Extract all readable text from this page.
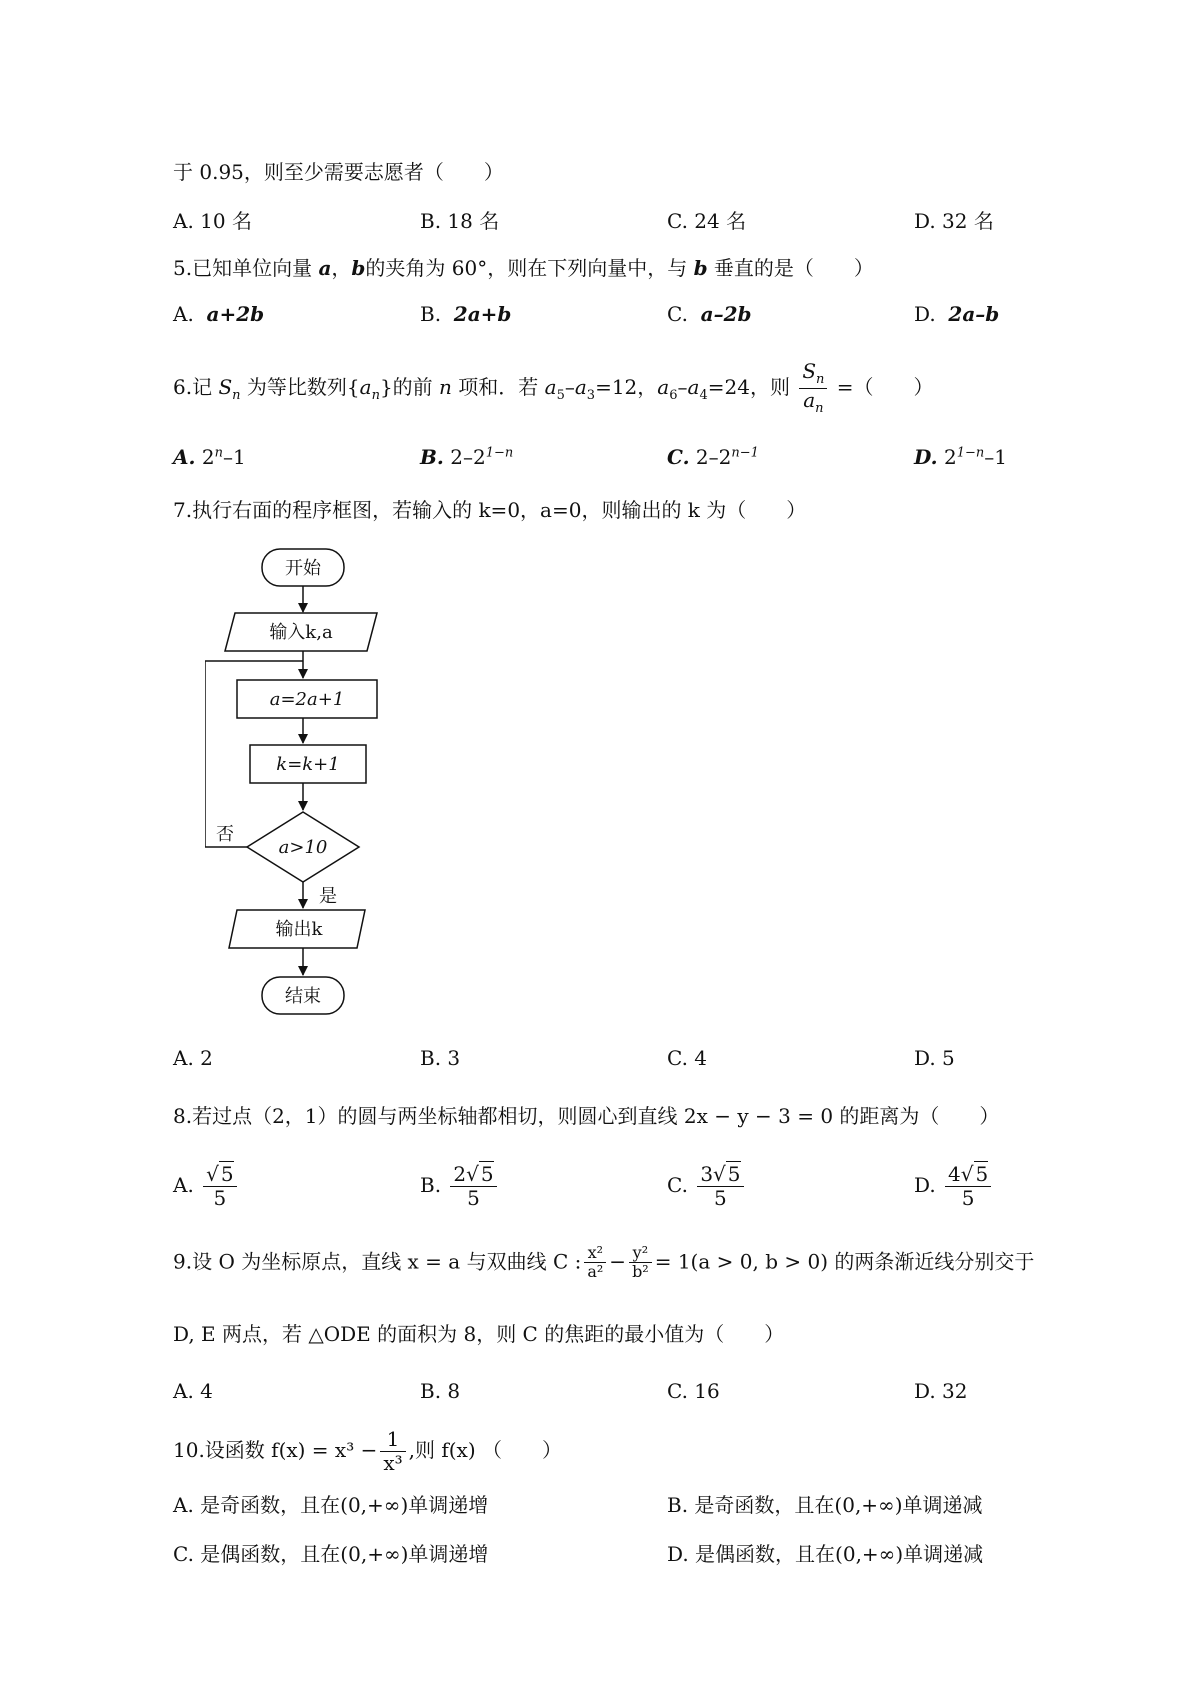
于 0.95，则至少需要志愿者（　　）
A. 10 名	B. 18 名	C. 24 名	D. 32 名
5.已知单位向量 a，b的夹角为 60°，则在下列向量中，与 b 垂直的是（　　）
A. a+2b	B. 2a+b	C. a–2b	D. 2a–b
6.记 $S_n$ 为等比数列$\{a_n\}$的前 n 项和．若 $a_5-a_3=12$，$a_6-a_4=24$，则 $\frac{S_n}{a_n}$ =（　　）
A. 2$^n$–1	B. $2-2^{1-n}$	C. $2-2^{n-1}$	D. $2^{1-n}-1$
7.执行右面的程序框图，若输入的 k=0，a=0，则输出的 k 为（　　）
开始
输入k,a
a=2a+1
k=k+1
a>10
否
是
输出k
结束
A. 2	B. 3	C. 4	D. 5
8.若过点（2，1）的圆与两坐标轴都相切，则圆心到直线 2x − y − 3 = 0 的距离为（　　）
A. $\frac{√ 5}{5}$	B. $\frac{2√ 5}{5}$	C. $\frac{3√ 5}{5}$	D. $\frac{4√ 5}{5}$
9.设 O 为坐标原点，直线 x = a 与双曲线 C : $\frac{\text{x²}}{\text{a²}} - \frac{\text{y²}}{\text{b²}} = 1(a > 0$, b > 0) 的两条渐近线分别交于
D, E 两点，若 △ODE 的面积为 8，则 C 的焦距的最小值为（　　）
A. 4	B. 8	C. 16	D. 32
10.设函数 $f(x) = x^3 - \frac{1}{\text{x³}}$ ,则 f(x) （　　）
A. 是奇函数，且在(0,+∞)单调递增	B. 是奇函数，且在(0,+∞)单调递减
C. 是偶函数，且在(0,+∞)单调递增	D. 是偶函数，且在(0,+∞)单调递减
